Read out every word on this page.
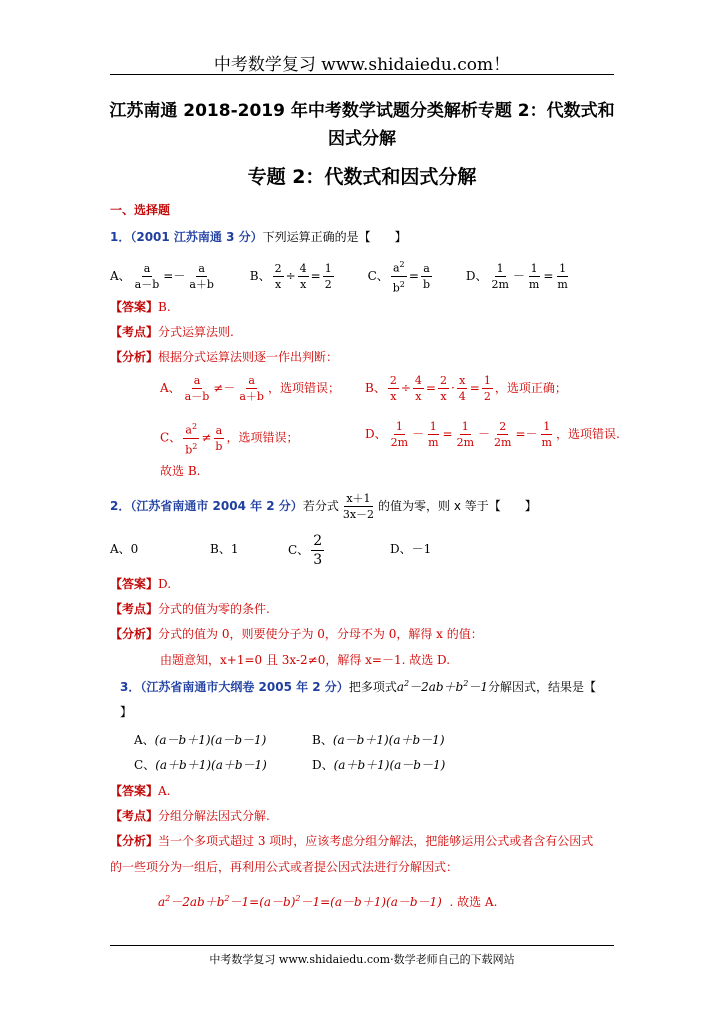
中考数学复习 www.shidaiedu.com！
江苏南通 2018-2019 年中考数学试题分类解析专题 2：代数式和
因式分解
专题 2：代数式和因式分解
一、选择题
1．（2001 江苏南通 3 分）下列运算正确的是【　　】
A、 $\frac{a}{a-b} =- \frac{a}{a+b}$	B、 $\frac{2}{x} \div \frac{4}{x} = \frac{1}{2}$	C、 $\frac{a^2}{b^2} = \frac{a}{b}$	D、 $\frac{1}{2m} - \frac{1}{m} = \frac{1}{m}$
【答案】B.
【考点】分式运算法则.
【分析】根据分式运算法则逐一作出判断：
A、 $\frac{a}{a-b} \ne- \frac{a}{a+b}$ ，选项错误； B、 $\frac{2}{x} \div \frac{4}{x} = \frac{2}{x} \cdot \frac{x}{4} = \frac{1}{2}$ ，选项正确；
C、 $\frac{a^2}{b^2} \ne \frac{a}{b}$ ，选项错误；	D、 $\frac{1}{2m} - \frac{1}{m} = \frac{1}{2m} - \frac{2}{2m} =- \frac{1}{m}$ ，选项错误.
故选 B.
2．（江苏省南通市 2004 年 2 分）若分式 $\frac{x+1}{3x-2}$ 的值为零，则 x 等于【　　】
A、0	B、1	C、 $\frac{2}{3}$	D、－1
【答案】D.
【考点】分式的值为零的条件.
【分析】分式的值为 0，则要使分子为 0，分母不为 0，解得 x 的值：
由题意知，x+1=0 且 3x-2≠0，解得 x=－1. 故选 D.
3．（江苏省南通市大纲卷 2005 年 2 分）把多项式$a^2-2ab+b^2-1$分解因式，结果是【
】
A、(a－b＋1)(a－b－1)	B、(a－b＋1)(a＋b－1)
C、(a＋b＋1)(a＋b－1)	D、(a＋b＋1)(a－b－1)
【答案】A.
【考点】分组分解法因式分解.
【分析】当一个多项式超过 3 项时，应该考虑分组分解法，把能够运用公式或者含有公因式
的一些项分为一组后，再利用公式或者提公因式法进行分解因式：
$a^2-2ab+b^2-1=(a-b)^2-1=(a-b+1)(a-b-1)$ . 故选 A.
中考数学复习 www.shidaiedu.com·数学老师自己的下载网站
